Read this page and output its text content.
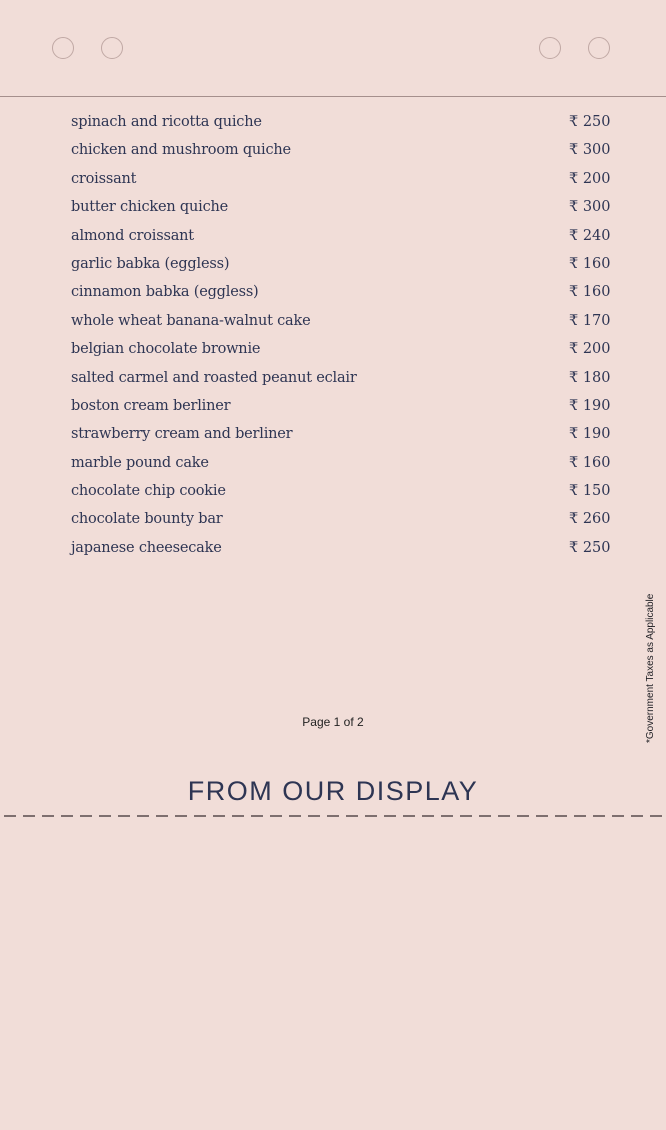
spinach and ricotta quiche	₹ 250
chicken and mushroom quiche	₹ 300
croissant	₹ 200
butter chicken quiche	₹ 300
almond croissant	₹ 240
garlic babka (eggless)	₹ 160
cinnamon babka (eggless)	₹ 160
whole wheat banana-walnut cake	₹ 170
belgian chocolate brownie	₹ 200
salted carmel and roasted peanut eclair	₹ 180
boston cream berliner	₹ 190
strawberry cream and berliner	₹ 190
marble pound cake	₹ 160
chocolate chip cookie	₹ 150
chocolate bounty bar	₹ 260
japanese cheesecake	₹ 250
*Government Taxes as Applicable
Page 1 of 2
FROM OUR DISPLAY
